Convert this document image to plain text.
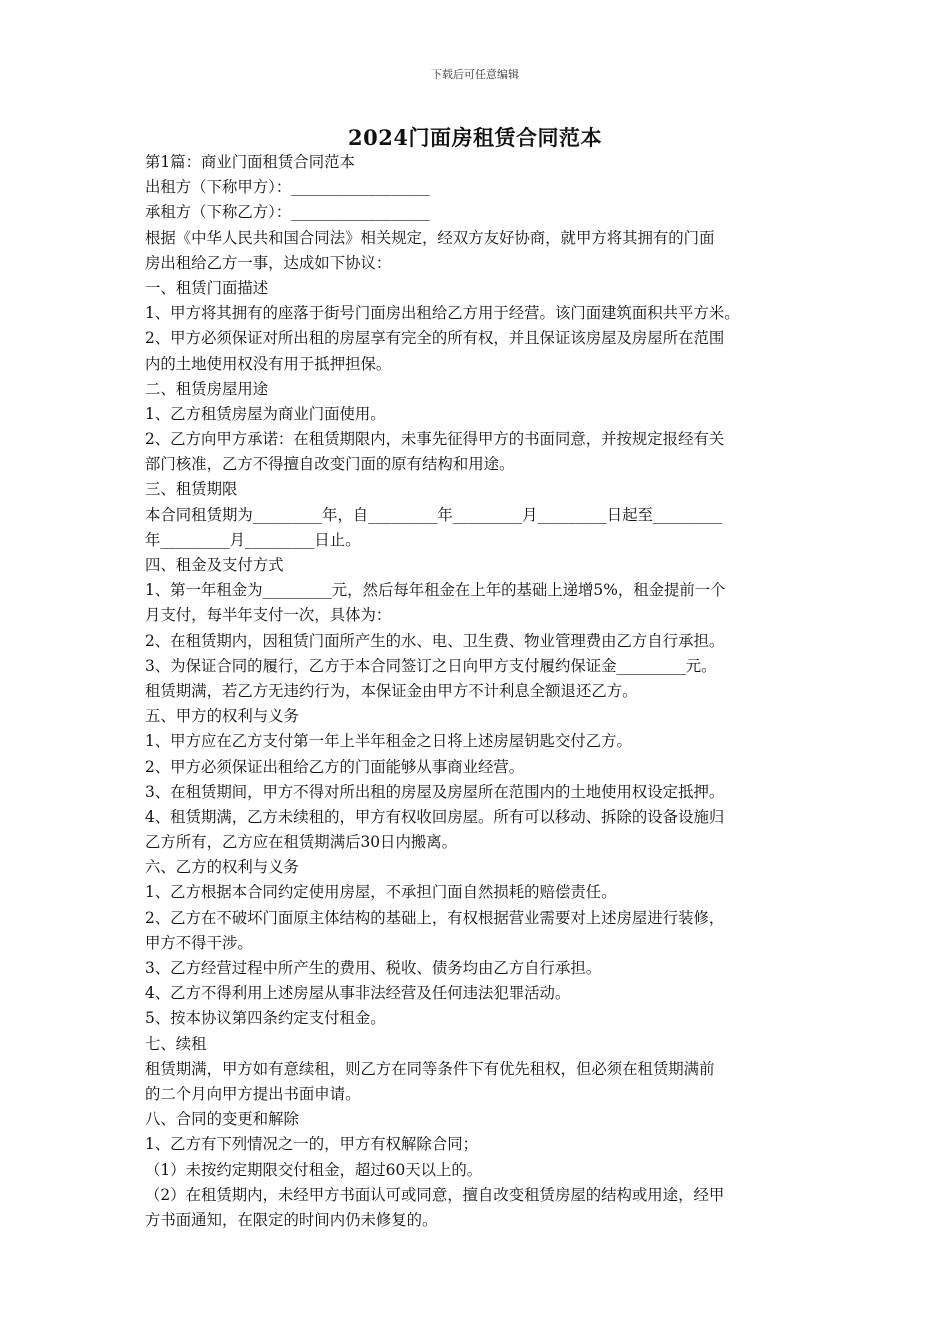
下载后可任意编辑
2024门面房租赁合同范本
第1篇：商业门面租赁合同范本
出租方（下称甲方）：__________________
承租方（下称乙方）：__________________
根据《中华人民共和国合同法》相关规定，经双方友好协商，就甲方将其拥有的门面
房出租给乙方一事，达成如下协议：
一、租赁门面描述
1、甲方将其拥有的座落于街号门面房出租给乙方用于经营。该门面建筑面积共平方米。
2、甲方必须保证对所出租的房屋享有完全的所有权，并且保证该房屋及房屋所在范围
内的土地使用权没有用于抵押担保。
二、租赁房屋用途
1、乙方租赁房屋为商业门面使用。
2、乙方向甲方承诺：在租赁期限内，未事先征得甲方的书面同意，并按规定报经有关
部门核准，乙方不得擅自改变门面的原有结构和用途。
三、租赁期限
本合同租赁期为_________年，自_________年_________月_________日起至_________
年_________月_________日止。
四、租金及支付方式
1、第一年租金为_________元，然后每年租金在上年的基础上递增5%，租金提前一个
月支付，每半年支付一次，具体为：
2、在租赁期内，因租赁门面所产生的水、电、卫生费、物业管理费由乙方自行承担。
3、为保证合同的履行，乙方于本合同签订之日向甲方支付履约保证金_________元。
租赁期满，若乙方无违约行为，本保证金由甲方不计利息全额退还乙方。
五、甲方的权利与义务
1、甲方应在乙方支付第一年上半年租金之日将上述房屋钥匙交付乙方。
2、甲方必须保证出租给乙方的门面能够从事商业经营。
3、在租赁期间，甲方不得对所出租的房屋及房屋所在范围内的土地使用权设定抵押。
4、租赁期满，乙方未续租的，甲方有权收回房屋。所有可以移动、拆除的设备设施归
乙方所有，乙方应在租赁期满后30日内搬离。
六、乙方的权利与义务
1、乙方根据本合同约定使用房屋，不承担门面自然损耗的赔偿责任。
2、乙方在不破坏门面原主体结构的基础上，有权根据营业需要对上述房屋进行装修，
甲方不得干涉。
3、乙方经营过程中所产生的费用、税收、债务均由乙方自行承担。
4、乙方不得利用上述房屋从事非法经营及任何违法犯罪活动。
5、按本协议第四条约定支付租金。
七、续租
租赁期满，甲方如有意续租，则乙方在同等条件下有优先租权，但必须在租赁期满前
的二个月向甲方提出书面申请。
八、合同的变更和解除
1、乙方有下列情况之一的，甲方有权解除合同；
（1）未按约定期限交付租金，超过60天以上的。
（2）在租赁期内，未经甲方书面认可或同意，擅自改变租赁房屋的结构或用途，经甲
方书面通知，在限定的时间内仍未修复的。
